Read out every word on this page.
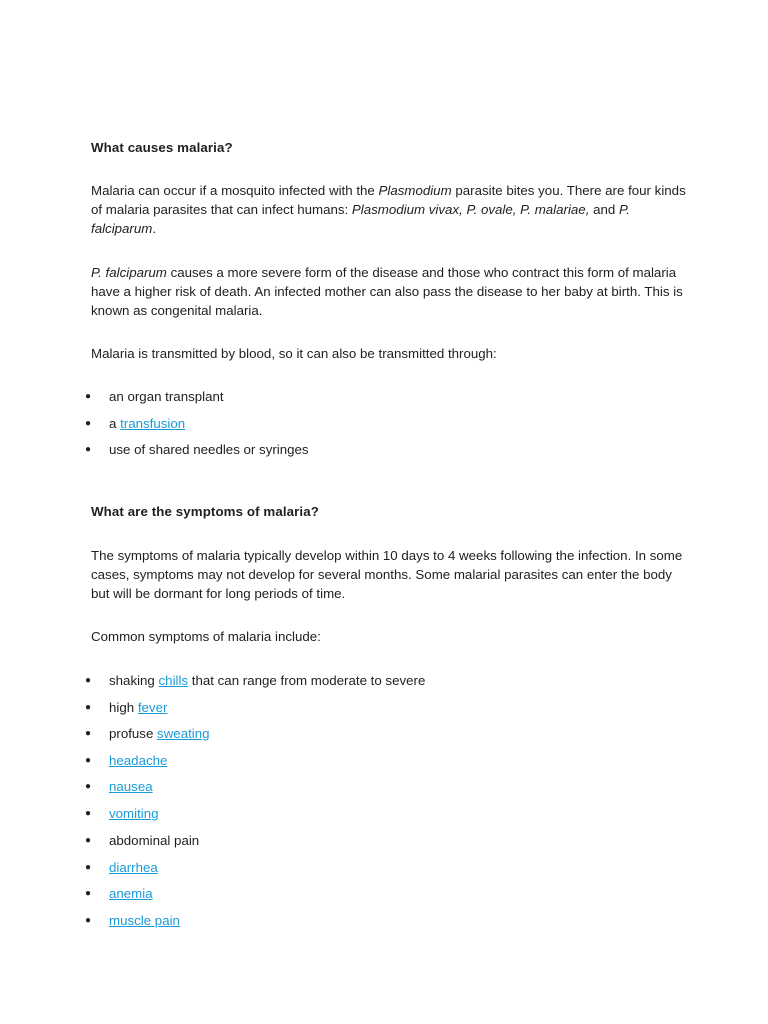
What causes malaria?

Malaria can occur if a mosquito infected with the Plasmodium parasite bites you. There are four kinds of malaria parasites that can infect humans: Plasmodium vivax, P. ovale, P. malariae, and P. falciparum.

P. falciparum causes a more severe form of the disease and those who contract this form of malaria have a higher risk of death. An infected mother can also pass the disease to her baby at birth. This is known as congenital malaria.

Malaria is transmitted by blood, so it can also be transmitted through:

● an organ transplant
● a transfusion
● use of shared needles or syringes
What are the symptoms of malaria?

The symptoms of malaria typically develop within 10 days to 4 weeks following the infection. In some cases, symptoms may not develop for several months. Some malarial parasites can enter the body but will be dormant for long periods of time.

Common symptoms of malaria include:

● shaking chills that can range from moderate to severe
● high fever
● profuse sweating
● headache
● nausea
● vomiting
● abdominal pain
● diarrhea
● anemia
● muscle pain
